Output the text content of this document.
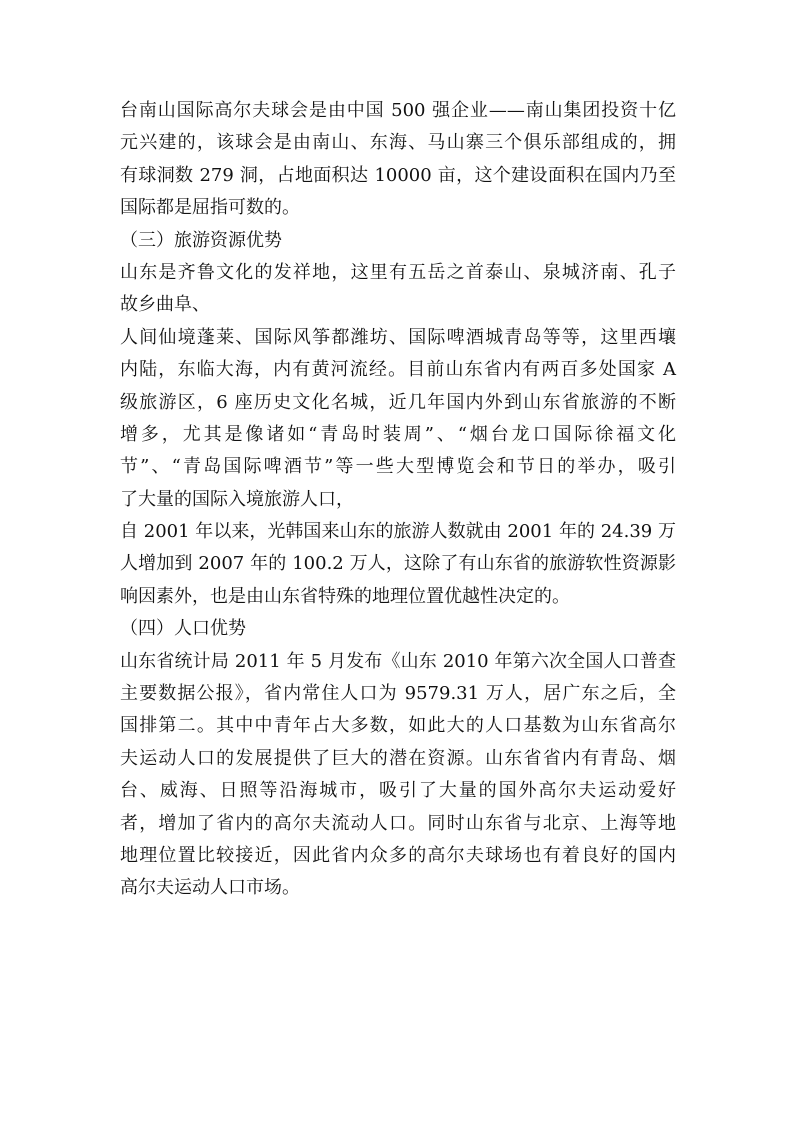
台南山国际高尔夫球会是由中国 500 强企业——南山集团投资十亿
元兴建的，该球会是由南山、东海、马山寨三个俱乐部组成的，拥
有球洞数 279 洞，占地面积达 10000 亩，这个建设面积在国内乃至
国际都是屈指可数的。
（三）旅游资源优势
山东是齐鲁文化的发祥地，这里有五岳之首泰山、泉城济南、孔子
故乡曲阜、
人间仙境蓬莱、国际风筝都潍坊、国际啤酒城青岛等等，这里西壤
内陆，东临大海，内有黄河流经。目前山东省内有两百多处国家 A
级旅游区，6 座历史文化名城，近几年国内外到山东省旅游的不断
增多，尤其是像诸如“青岛时装周”、“烟台龙口国际徐福文化
节”、“青岛国际啤酒节”等一些大型博览会和节日的举办，吸引
了大量的国际入境旅游人口，
自 2001 年以来，光韩国来山东的旅游人数就由 2001 年的 24.39 万
人增加到 2007 年的 100.2 万人，这除了有山东省的旅游软性资源影
响因素外，也是由山东省特殊的地理位置优越性决定的。
（四）人口优势
山东省统计局 2011 年 5 月发布《山东 2010 年第六次全国人口普查
主要数据公报》，省内常住人口为 9579.31 万人，居广东之后，全
国排第二。其中中青年占大多数，如此大的人口基数为山东省高尔
夫运动人口的发展提供了巨大的潜在资源。山东省省内有青岛、烟
台、威海、日照等沿海城市，吸引了大量的国外高尔夫运动爱好
者，增加了省内的高尔夫流动人口。同时山东省与北京、上海等地
地理位置比较接近，因此省内众多的高尔夫球场也有着良好的国内
高尔夫运动人口市场。
